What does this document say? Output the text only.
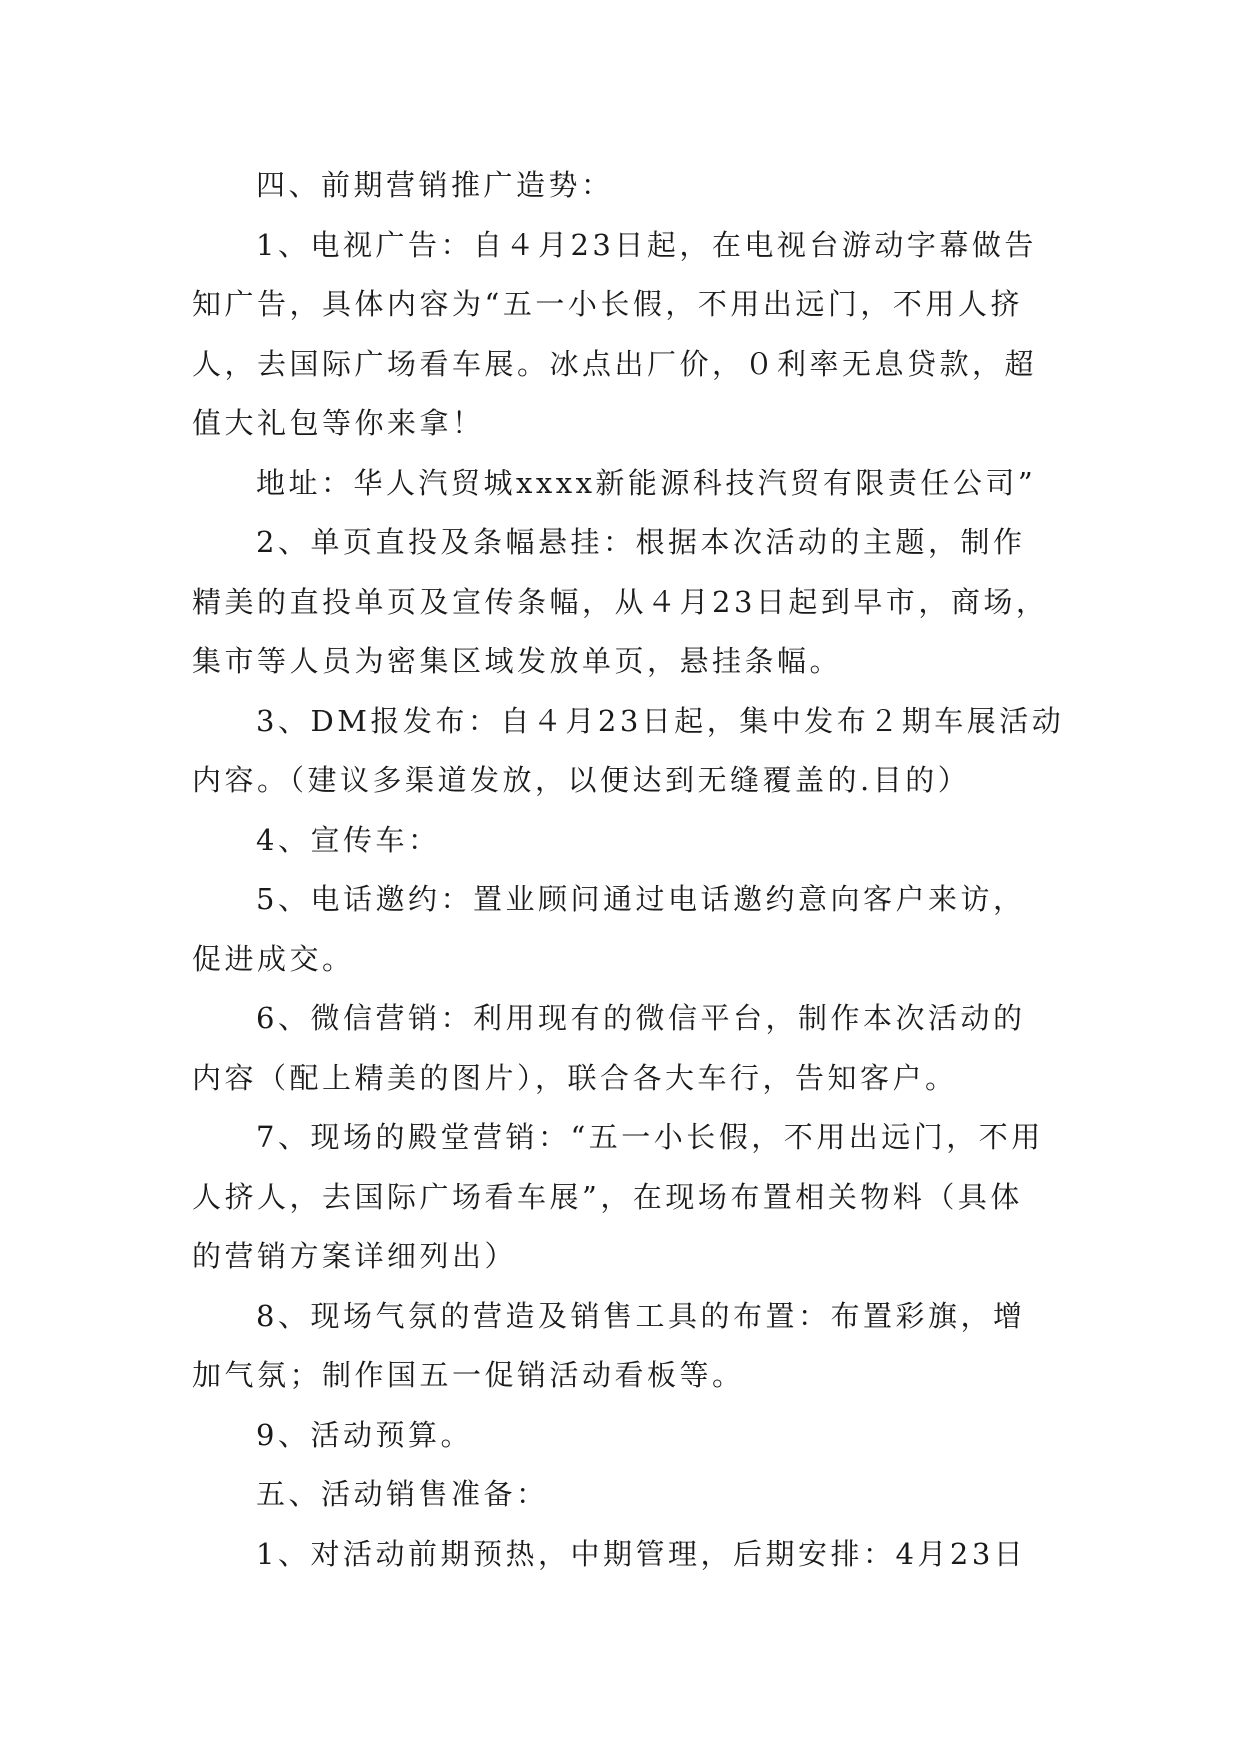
四、前期营销推广造势：
1、电视广告：自４月23日起，在电视台游动字幕做告
知广告，具体内容为“五一小长假，不用出远门，不用人挤
人，去国际广场看车展。冰点出厂价，０利率无息贷款，超
值大礼包等你来拿！
地址：华人汽贸城xxxx新能源科技汽贸有限责任公司”
2、单页直投及条幅悬挂：根据本次活动的主题，制作
精美的直投单页及宣传条幅，从４月23日起到早市，商场，
集市等人员为密集区域发放单页，悬挂条幅。
3、DM报发布：自４月23日起，集中发布２期车展活动
内容。（建议多渠道发放，以便达到无缝覆盖的.目的）
4、宣传车：
5、电话邀约：置业顾问通过电话邀约意向客户来访，
促进成交。
6、微信营销：利用现有的微信平台，制作本次活动的
内容（配上精美的图片），联合各大车行，告知客户。
7、现场的殿堂营销：“五一小长假，不用出远门，不用
人挤人，去国际广场看车展”，在现场布置相关物料（具体
的营销方案详细列出）
8、现场气氛的营造及销售工具的布置：布置彩旗，增
加气氛；制作国五一促销活动看板等。
9、活动预算。
五、活动销售准备：
1、对活动前期预热，中期管理，后期安排：4月23日
